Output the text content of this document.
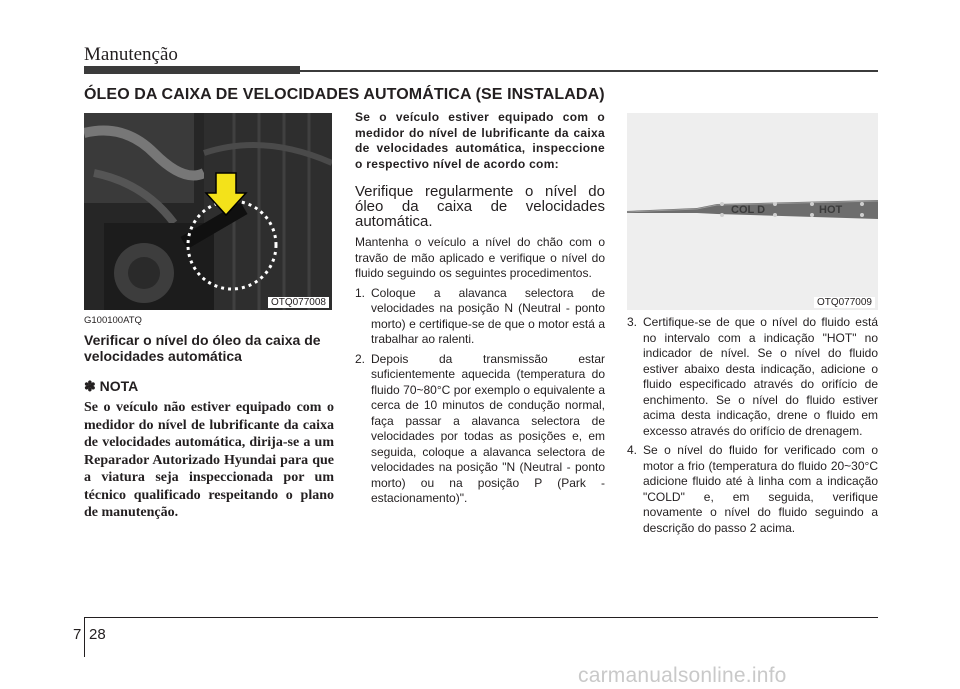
Manutenção
ÓLEO DA CAIXA DE VELOCIDADES AUTOMÁTICA (SE INSTALADA)
OTQ077008
COL D	HOT
OTQ077009

G100100ATQ

Verificar o nível do óleo da caixa de velocidades automática

✽ NOTA

Se o veículo não estiver equipado com o medidor do nível de lubrificante da caixa de velocidades automática, dirija-se a um Reparador Autorizado Hyundai para que a viatura seja inspeccionada por um técnico qualificado respeitando o plano de manutenção.

Se o veículo estiver equipado com o medidor do nível de lubrificante da caixa de velocidades automática, inspeccione o respectivo nível de acordo com:

Verifique regularmente o nível do óleo da caixa de velocidades automática.

Mantenha o veículo a nível do chão com o travão de mão aplicado e verifique o nível do fluido seguindo os seguintes procedimentos.

1. Coloque a alavanca selectora de velocidades na posição N (Neutral - ponto morto) e certifique-se de que o motor está a trabalhar ao ralenti.
2. Depois da transmissão estar suficientemente aquecida (temperatura do fluido 70~80°C por exemplo o equivalente a cerca de 10 minutos de condução normal, faça passar a alavanca selectora de velocidades por todas as posições e, em seguida, coloque a alavanca selectora de velocidades na posição "N (Neutral - ponto morto) ou na posição P (Park - estacionamento)".
3. Certifique-se de que o nível do fluido está no intervalo com a indicação "HOT" no indicador de nível. Se o nível do fluido estiver abaixo desta indicação, adicione o fluido especificado através do orifício de enchimento. Se o nível do fluido estiver acima desta indicação, drene o fluido em excesso através do orifício de drenagem.
4. Se o nível do fluido for verificado com o motor a frio (temperatura do fluido 20~30°C adicione fluido até à linha com a indicação "COLD" e, em seguida, verifique novamente o nível do fluido seguindo a descrição do passo 2 acima.
7 28
carmanualsonline.info
